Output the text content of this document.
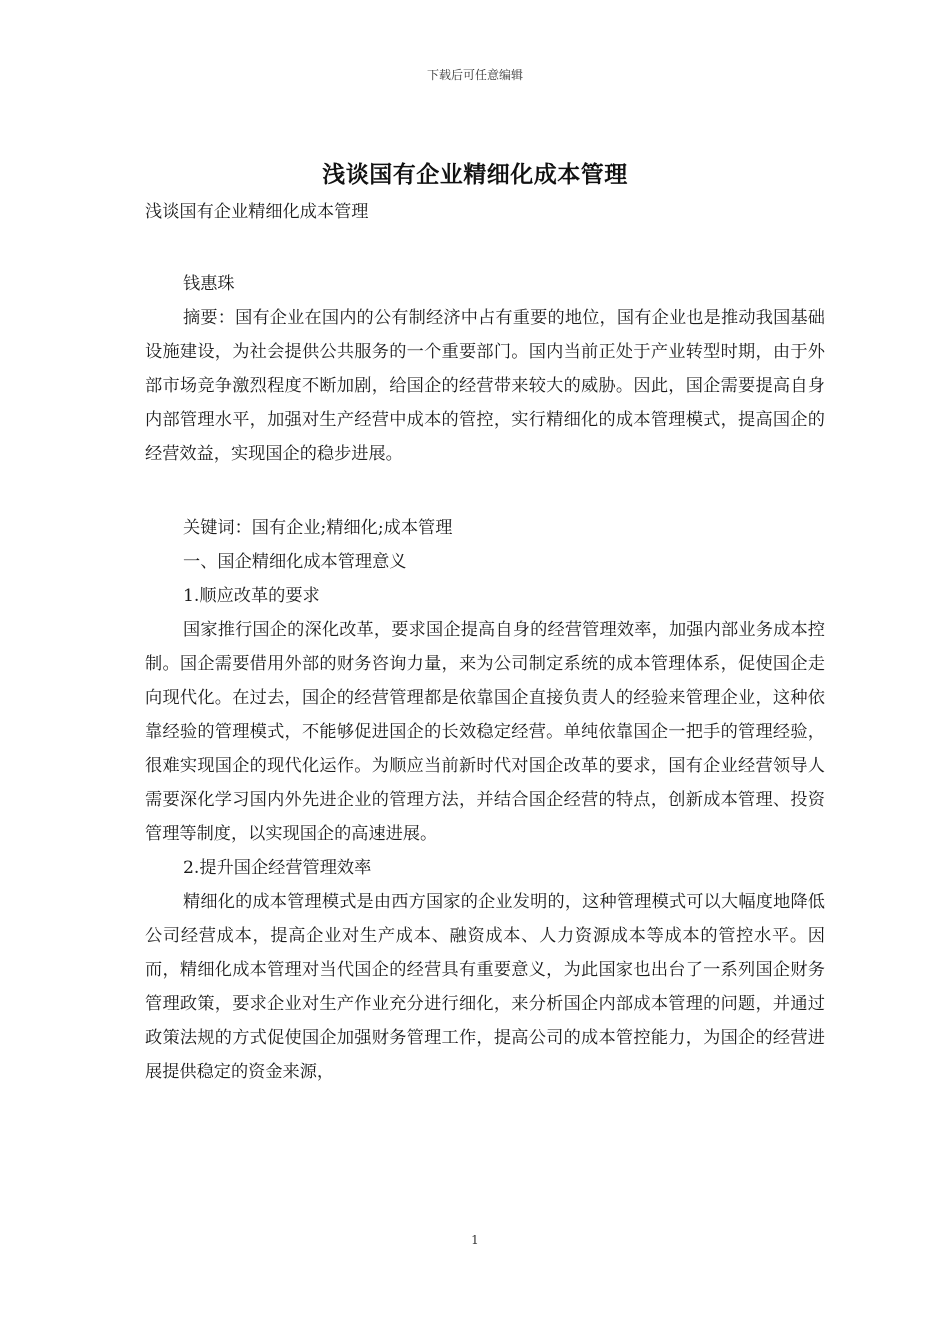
下载后可任意编辑
浅谈国有企业精细化成本管理

浅谈国有企业精细化成本管理

钱惠珠

摘要：国有企业在国内的公有制经济中占有重要的地位，国有企业也是推动我国基础设施建设，为社会提供公共服务的一个重要部门。国内当前正处于产业转型时期，由于外部市场竞争激烈程度不断加剧，给国企的经营带来较大的威胁。因此，国企需要提高自身内部管理水平，加强对生产经营中成本的管控，实行精细化的成本管理模式，提高国企的经营效益，实现国企的稳步进展。

关键词：国有企业;精细化;成本管理

一、国企精细化成本管理意义

1.顺应改革的要求

国家推行国企的深化改革，要求国企提高自身的经营管理效率，加强内部业务成本控制。国企需要借用外部的财务咨询力量，来为公司制定系统的成本管理体系，促使国企走向现代化。在过去，国企的经营管理都是依靠国企直接负责人的经验来管理企业，这种依靠经验的管理模式，不能够促进国企的长效稳定经营。单纯依靠国企一把手的管理经验，很难实现国企的现代化运作。为顺应当前新时代对国企改革的要求，国有企业经营领导人需要深化学习国内外先进企业的管理方法，并结合国企经营的特点，创新成本管理、投资管理等制度，以实现国企的高速进展。

2.提升国企经营管理效率

精细化的成本管理模式是由西方国家的企业发明的，这种管理模式可以大幅度地降低公司经营成本，提高企业对生产成本、融资成本、人力资源成本等成本的管控水平。因而，精细化成本管理对当代国企的经营具有重要意义，为此国家也出台了一系列国企财务管理政策，要求企业对生产作业充分进行细化，来分析国企内部成本管理的问题，并通过政策法规的方式促使国企加强财务管理工作，提高公司的成本管控能力，为国企的经营进展提供稳定的资金来源，

1
